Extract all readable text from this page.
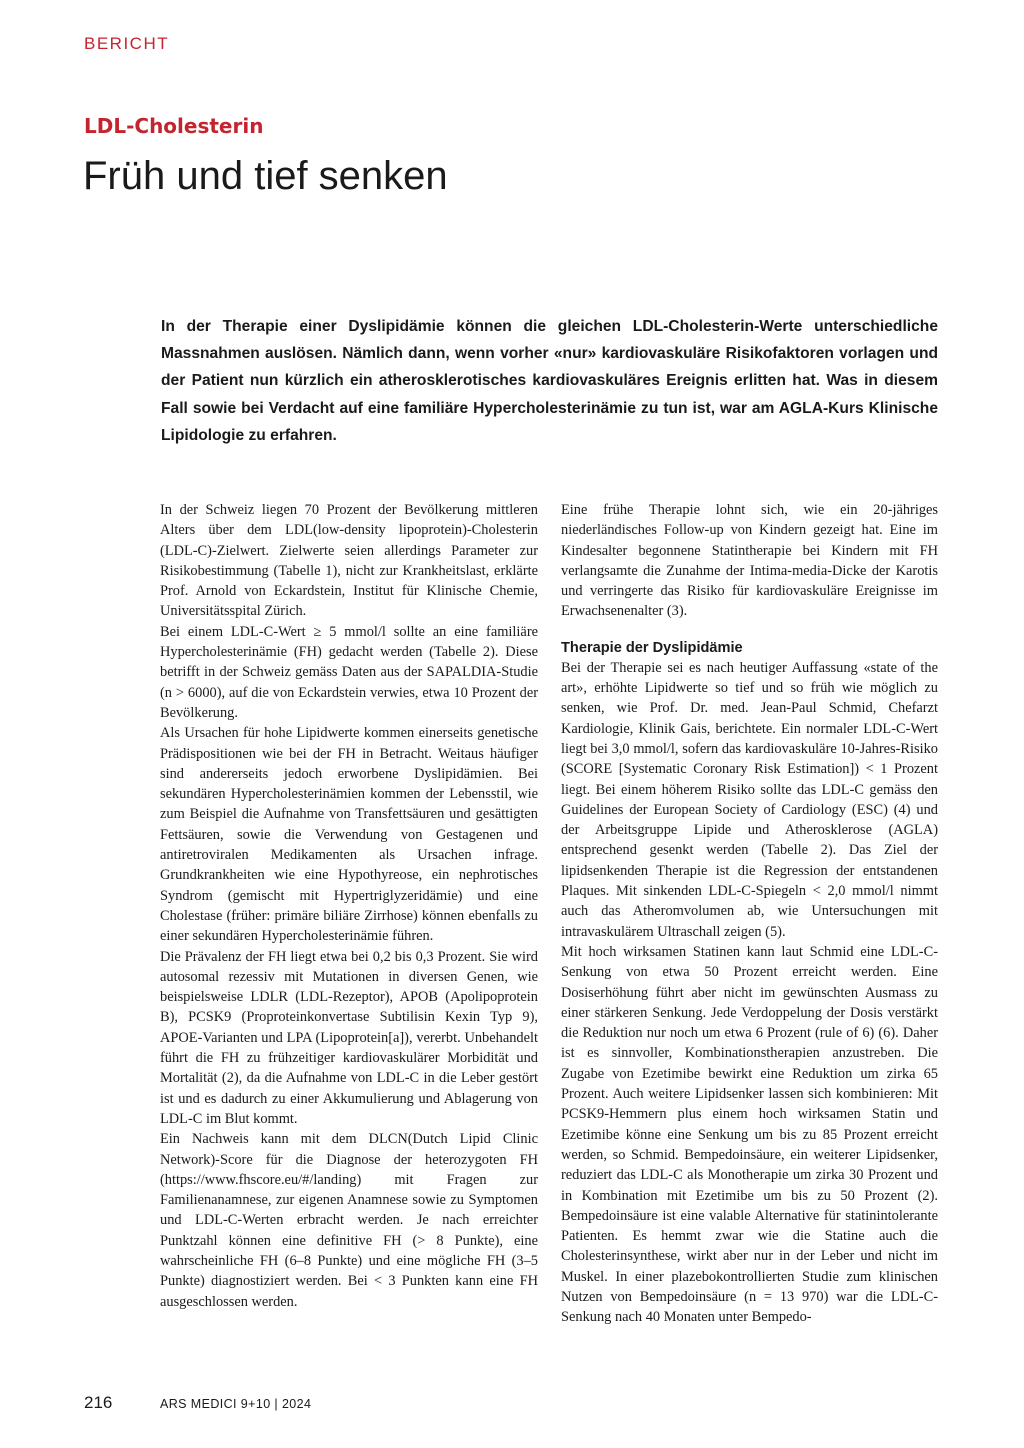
BERICHT
LDL-Cholesterin
Früh und tief senken

In der Therapie einer Dyslipidämie können die gleichen LDL-Cholesterin-Werte unterschiedliche Massnahmen auslösen. Nämlich dann, wenn vorher «nur» kardiovaskuläre Risikofaktoren vorlagen und der Patient nun kürzlich ein atherosklerotisches kardiovaskuläres Ereignis erlitten hat. Was in diesem Fall sowie bei Verdacht auf eine familiäre Hypercholesterinämie zu tun ist, war am AGLA-Kurs Klinische Lipidologie zu erfahren.

In der Schweiz liegen 70 Prozent der Bevölkerung mittleren Alters über dem LDL(low-density lipoprotein)-Cholesterin (LDL-C)-Zielwert. Zielwerte seien allerdings Parameter zur Risikobestimmung (Tabelle 1), nicht zur Krankheitslast, erklärte Prof. Arnold von Eckardstein, Institut für Klinische Chemie, Universitätsspital Zürich.

Bei einem LDL-C-Wert ≥ 5 mmol/l sollte an eine familiäre Hypercholesterinämie (FH) gedacht werden (Tabelle 2). Diese betrifft in der Schweiz gemäss Daten aus der SAPALDIA-Studie (n > 6000), auf die von Eckardstein verwies, etwa 10 Prozent der Bevölkerung.

Als Ursachen für hohe Lipidwerte kommen einerseits genetische Prädispositionen wie bei der FH in Betracht. Weitaus häufiger sind andererseits jedoch erworbene Dyslipidämien. Bei sekundären Hypercholesterinämien kommen der Lebensstil, wie zum Beispiel die Aufnahme von Transfettsäuren und gesättigten Fettsäuren, sowie die Verwendung von Gestagenen und antiretroviralen Medikamenten als Ursachen infrage. Grundkrankheiten wie eine Hypothyreose, ein nephrotisches Syndrom (gemischt mit Hypertriglyzeridämie) und eine Cholestase (früher: primäre biliäre Zirrhose) können ebenfalls zu einer sekundären Hypercholesterinämie führen.

Die Prävalenz der FH liegt etwa bei 0,2 bis 0,3 Prozent. Sie wird autosomal rezessiv mit Mutationen in diversen Genen, wie beispielsweise LDLR (LDL-Rezeptor), APOB (Apolipoprotein B), PCSK9 (Proproteinkonvertase Subtilisin Kexin Typ 9), APOE-Varianten und LPA (Lipoprotein[a]), vererbt. Unbehandelt führt die FH zu frühzeitiger kardiovaskulärer Morbidität und Mortalität (2), da die Aufnahme von LDL-C in die Leber gestört ist und es dadurch zu einer Akkumulierung und Ablagerung von LDL-C im Blut kommt.

Ein Nachweis kann mit dem DLCN(Dutch Lipid Clinic Network)-Score für die Diagnose der heterozygoten FH (https://www.fhscore.eu/#/landing) mit Fragen zur Familienanamnese, zur eigenen Anamnese sowie zu Symptomen und LDL-C-Werten erbracht werden. Je nach erreichter Punktzahl können eine definitive FH (> 8 Punkte), eine wahrscheinliche FH (6–8 Punkte) und eine mögliche FH (3–5 Punkte) diagnostiziert werden. Bei < 3 Punkten kann eine FH ausgeschlossen werden.

Eine frühe Therapie lohnt sich, wie ein 20-jähriges niederländisches Follow-up von Kindern gezeigt hat. Eine im Kindesalter begonnene Statintherapie bei Kindern mit FH verlangsamte die Zunahme der Intima-media-Dicke der Karotis und verringerte das Risiko für kardiovaskuläre Ereignisse im Erwachsenenalter (3).

Therapie der Dyslipidämie

Bei der Therapie sei es nach heutiger Auffassung «state of the art», erhöhte Lipidwerte so tief und so früh wie möglich zu senken, wie Prof. Dr. med. Jean-Paul Schmid, Chefarzt Kardiologie, Klinik Gais, berichtete. Ein normaler LDL-C-Wert liegt bei 3,0 mmol/l, sofern das kardiovaskuläre 10-Jahres-Risiko (SCORE [Systematic Coronary Risk Estimation]) < 1 Prozent liegt. Bei einem höherem Risiko sollte das LDL-C gemäss den Guidelines der European Society of Cardiology (ESC) (4) und der Arbeitsgruppe Lipide und Atherosklerose (AGLA) entsprechend gesenkt werden (Tabelle 2). Das Ziel der lipidsenkenden Therapie ist die Regression der entstandenen Plaques. Mit sinkenden LDL-C-Spiegeln < 2,0 mmol/l nimmt auch das Atheromvolumen ab, wie Untersuchungen mit intravaskulärem Ultraschall zeigen (5).

Mit hoch wirksamen Statinen kann laut Schmid eine LDL-C-Senkung von etwa 50 Prozent erreicht werden. Eine Dosiserhöhung führt aber nicht im gewünschten Ausmass zu einer stärkeren Senkung. Jede Verdoppelung der Dosis verstärkt die Reduktion nur noch um etwa 6 Prozent (rule of 6) (6). Daher ist es sinnvoller, Kombinationstherapien anzustreben. Die Zugabe von Ezetimibe bewirkt eine Reduktion um zirka 65 Prozent. Auch weitere Lipidsenker lassen sich kombinieren: Mit PCSK9-Hemmern plus einem hoch wirksamen Statin und Ezetimibe könne eine Senkung um bis zu 85 Prozent erreicht werden, so Schmid. Bempedoinsäure, ein weiterer Lipidsenker, reduziert das LDL-C als Monotherapie um zirka 30 Prozent und in Kombination mit Ezetimibe um bis zu 50 Prozent (2). Bempedoinsäure ist eine valable Alternative für statinintolerante Patienten. Es hemmt zwar wie die Statine auch die Cholesterinsynthese, wirkt aber nur in der Leber und nicht im Muskel. In einer plazebokontrollierten Studie zum klinischen Nutzen von Bempedoinsäure (n = 13 970) war die LDL-C-Senkung nach 40 Monaten unter Bempedo-

216	ARS MEDICI 9+10 | 2024
